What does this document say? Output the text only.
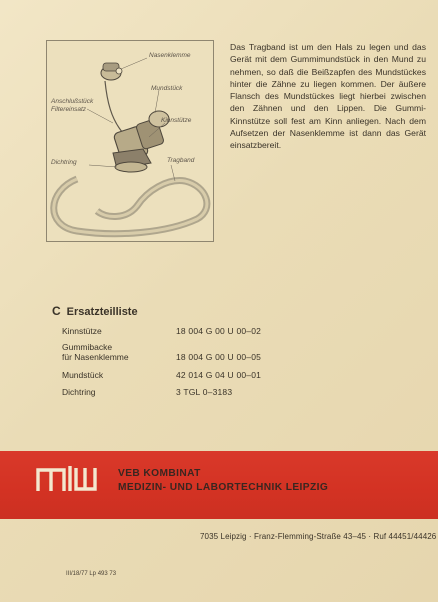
Nasenklemme
Mundstück
Anschlußstück
Filtereinsatz
Kinnstütze
Dichtring	Tragband
Das Tragband ist um den Hals zu legen und das Gerät mit dem Gummimundstück in den Mund zu nehmen, so daß die Beißzapfen des Mundstückes hinter die Zähne zu liegen kommen. Der äußere Flansch des Mundstückes liegt hierbei zwischen den Zähnen und den Lippen. Die Gummi-Kinnstütze soll fest am Kinn anliegen. Nach dem Aufsetzen der Nasenklemme ist dann das Gerät einsatzbereit.
C Ersatzteilliste
Kinnstütze	18 004 G 00 U 00–02
Gummibacke
für Nasenklemme	18 004 G 00 U 00–05
Mundstück	42 014 G 04 U 00–01
Dichtring	3 TGL 0–3183
VEB KOMBINAT
MEDIZIN- UND LABORTECHNIK LEIPZIG
7035 Leipzig · Franz-Flemming-Straße 43–45 · Ruf 44451/44426
III/18/77 Lp 493 73
